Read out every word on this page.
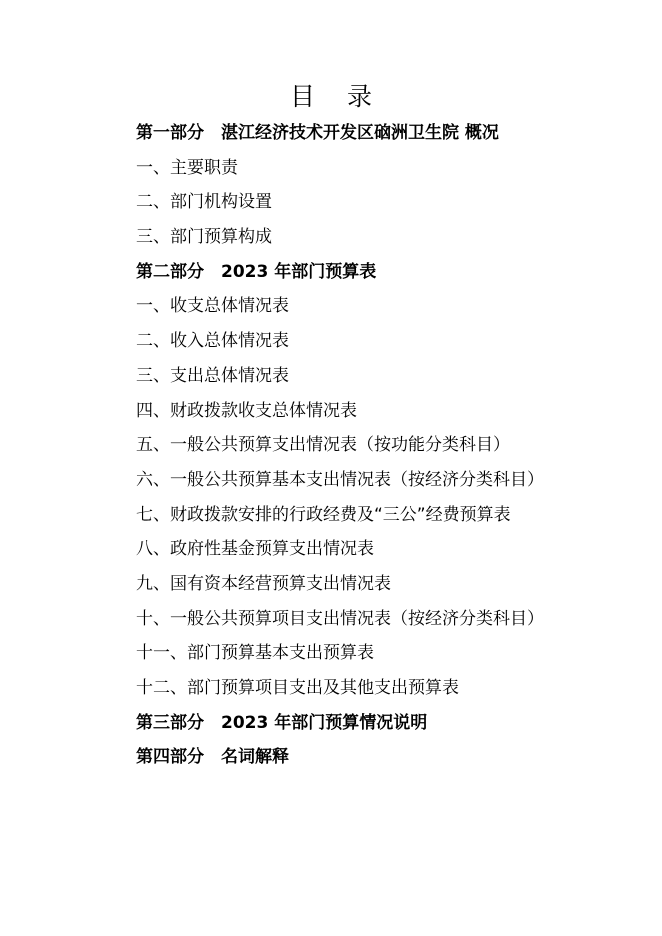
目 录
第一部分 湛江经济技术开发区硇洲卫生院 概况
一、主要职责
二、部门机构设置
三、部门预算构成
第二部分 2023 年部门预算表
一、收支总体情况表
二、收入总体情况表
三、支出总体情况表
四、财政拨款收支总体情况表
五、一般公共预算支出情况表（按功能分类科目）
六、一般公共预算基本支出情况表（按经济分类科目）
七、财政拨款安排的行政经费及“三公”经费预算表
八、政府性基金预算支出情况表
九、国有资本经营预算支出情况表
十、一般公共预算项目支出情况表（按经济分类科目）
十一、部门预算基本支出预算表
十二、部门预算项目支出及其他支出预算表
第三部分 2023 年部门预算情况说明
第四部分 名词解释
